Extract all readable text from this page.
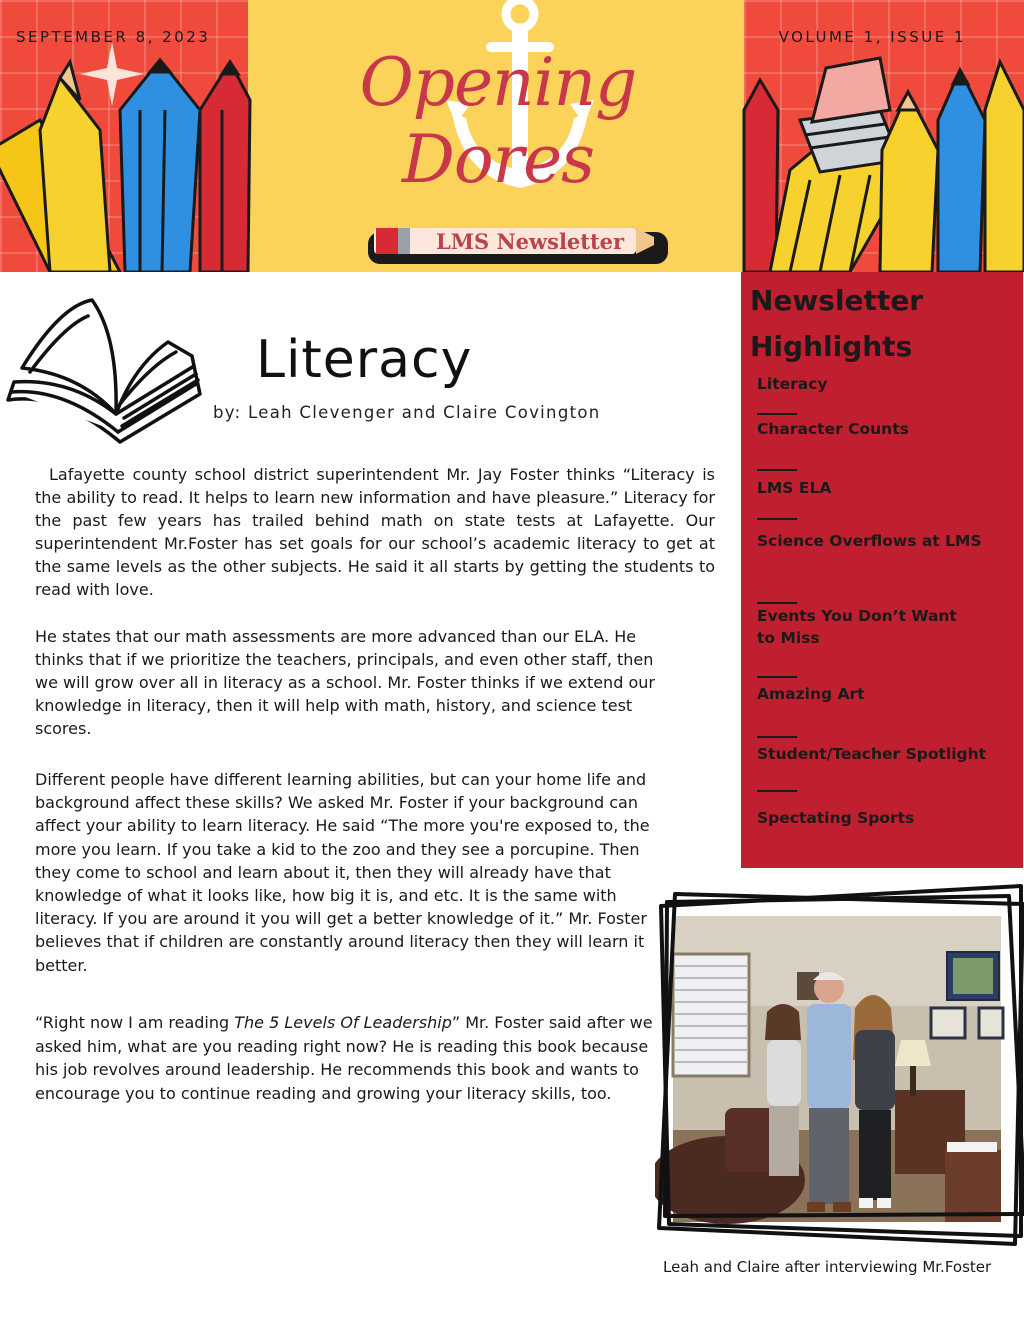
SEPTEMBER 8, 2023	VOLUME 1, ISSUE 1
Opening Dores
LMS Newsletter
Literacy
by: Leah Clevenger and Claire Covington

Lafayette county school district superintendent Mr. Jay Foster thinks “Literacy is the ability to read. It helps to learn new information and have pleasure.” Literacy for the past few years has trailed behind math on state tests at Lafayette. Our superintendent Mr.Foster has set goals for our school’s academic literacy to get at the same levels as the other subjects. He said it all starts by getting the students to read with love.

He states that our math assessments are more advanced than our ELA. He thinks that if we prioritize the teachers, principals, and even other staff, then we will grow over all in literacy as a school. Mr. Foster thinks if we extend our knowledge in literacy, then it will help with math, history, and science test scores.

Different people have different learning abilities, but can your home life and background affect these skills? We asked Mr. Foster if your background can affect your ability to learn literacy. He said “The more you're exposed to, the more you learn. If you take a kid to the zoo and they see a porcupine. Then they come to school and learn about it, then they will already have that knowledge of what it looks like, how big it is, and etc. It is the same with literacy. If you are around it you will get a better knowledge of it.” Mr. Foster believes that if children are constantly around literacy then they will learn it better.

“Right now I am reading The 5 Levels Of Leadership” Mr. Foster said after we asked him, what are you reading right now? He is reading this book because his job revolves around leadership. He recommends this book and wants to encourage you to continue reading and growing your literacy skills, too.

Newsletter Highlights
Literacy
Character Counts
LMS ELA
Science Overflows at LMS
Events You Don’t Want to Miss
Amazing Art
Student/Teacher Spotlight
Spectating Sports
Leah and Claire after interviewing Mr.Foster
